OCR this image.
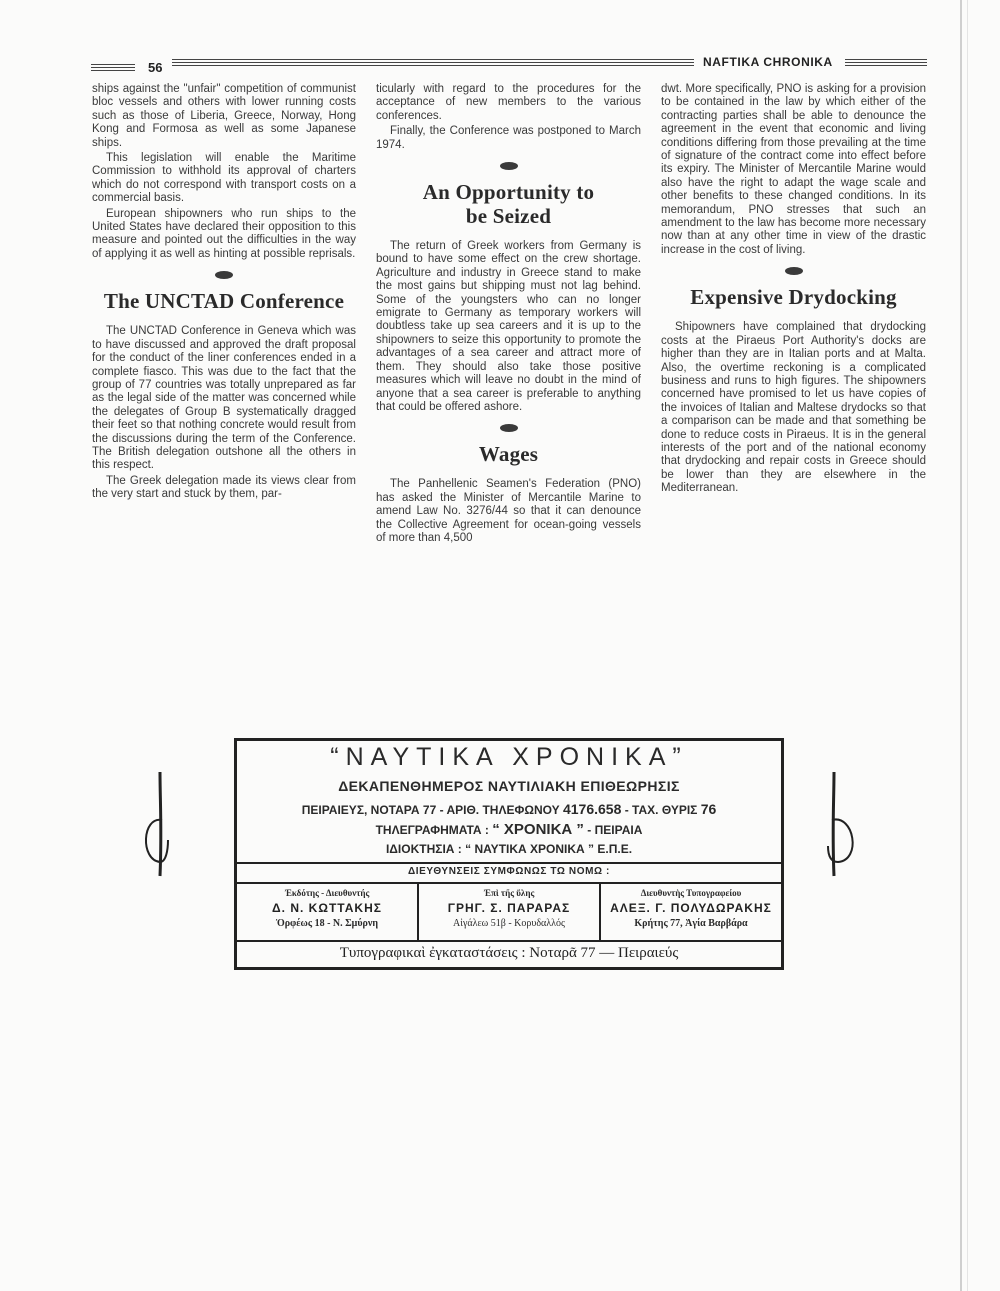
56	NAFTIKA CHRONIKA

ships against the "unfair" competition of communist bloc vessels and others with lower running costs such as those of Liberia, Greece, Norway, Hong Kong and Formosa as well as some Japanese ships.

This legislation will enable the Maritime Commission to withhold its approval of charters which do not correspond with transport costs on a commercial basis.

European shipowners who run ships to the United States have declared their opposition to this measure and pointed out the difficulties in the way of applying it as well as hinting at possible reprisals.

The UNCTAD Conference

The UNCTAD Conference in Geneva which was to have discussed and approved the draft proposal for the conduct of the liner conferences ended in a complete fiasco. This was due to the fact that the group of 77 countries was totally unprepared as far as the legal side of the matter was concerned while the delegates of Group B systematically dragged their feet so that nothing concrete would result from the discussions during the term of the Conference. The British delegation outshone all the others in this respect.

The Greek delegation made its views clear from the very start and stuck by them, par-

ticularly with regard to the procedures for the acceptance of new members to the various conferences.

Finally, the Conference was postponed to March 1974.

An Opportunity to be Seized

The return of Greek workers from Germany is bound to have some effect on the crew shortage. Agriculture and industry in Greece stand to make the most gains but shipping must not lag behind. Some of the youngsters who can no longer emigrate to Germany as temporary workers will doubtless take up sea careers and it is up to the shipowners to seize this opportunity to promote the advantages of a sea career and attract more of them. They should also take those positive measures which will leave no doubt in the mind of anyone that a sea career is preferable to anything that could be offered ashore.

Wages

The Panhellenic Seamen's Federation (PNO) has asked the Minister of Mercantile Marine to amend Law No. 3276/44 so that it can denounce the Collective Agreement for ocean-going vessels of more than 4,500

dwt. More specifically, PNO is asking for a provision to be contained in the law by which either of the contracting parties shall be able to denounce the agreement in the event that economic and living conditions differing from those prevailing at the time of signature of the contract come into effect before its expiry. The Minister of Mercantile Marine would also have the right to adapt the wage scale and other benefits to these changed conditions. In its memorandum, PNO stresses that such an amendment to the law has become more necessary now than at any other time in view of the drastic increase in the cost of living.

Expensive Drydocking

Shipowners have complained that drydocking costs at the Piraeus Port Authority's docks are higher than they are in Italian ports and at Malta. Also, the overtime reckoning is a complicated business and runs to high figures. The shipowners concerned have promised to let us have copies of the invoices of Italian and Maltese drydocks so that a comparison can be made and that something be done to reduce costs in Piraeus. It is in the general interests of the port and of the national economy that drydocking and repair costs in Greece should be lower than they are elsewhere in the Mediterranean.

“ΝΑΥΤΙΚΑ ΧΡΟΝΙΚΑ”
ΔΕΚΑΠΕΝΘΗΜΕΡΟΣ ΝΑΥΤΙΛΙΑΚΗ ΕΠΙΘΕΩΡΗΣΙΣ
ΠΕΙΡΑΙΕΥΣ, ΝΟΤΑΡΑ 77 - ΑΡΙΘ. ΤΗΛΕΦΩΝΟΥ 4176.658 - ΤΑΧ. ΘΥΡΙΣ 76
ΤΗΛΕΓΡΑΦΗΜΑΤΑ : “ ΧΡΟΝΙΚΑ ” - ΠΕΙΡΑΙΑ
ΙΔΙΟΚΤΗΣΙΑ : “ ΝΑΥΤΙΚΑ ΧΡΟΝΙΚΑ ” Ε.Π.Ε.
ΔΙΕΥΘΥΝΣΕΙΣ ΣΥΜΦΩΝΩΣ ΤΩ ΝΟΜΩ :
Ἐκδότης - Διευθυντής
Δ. Ν. ΚΩΤΤΑΚΗΣ
Ὀρφέως 18 - Ν. Σμύρνη
Ἐπὶ τῆς ὕλης
ΓΡΗΓ. Σ. ΠΑΡΑΡΑΣ
Αἰγάλεω 51β - Κορυδαλλός
Διευθυντὴς Τυπογραφείου
ΑΛΕΞ. Γ. ΠΟΛΥΔΩΡΑΚΗΣ
Κρήτης 77, Ἁγία Βαρβάρα
Τυπογραφικαὶ ἐγκαταστάσεις : Νοταρᾶ 77 — Πειραιεύς
